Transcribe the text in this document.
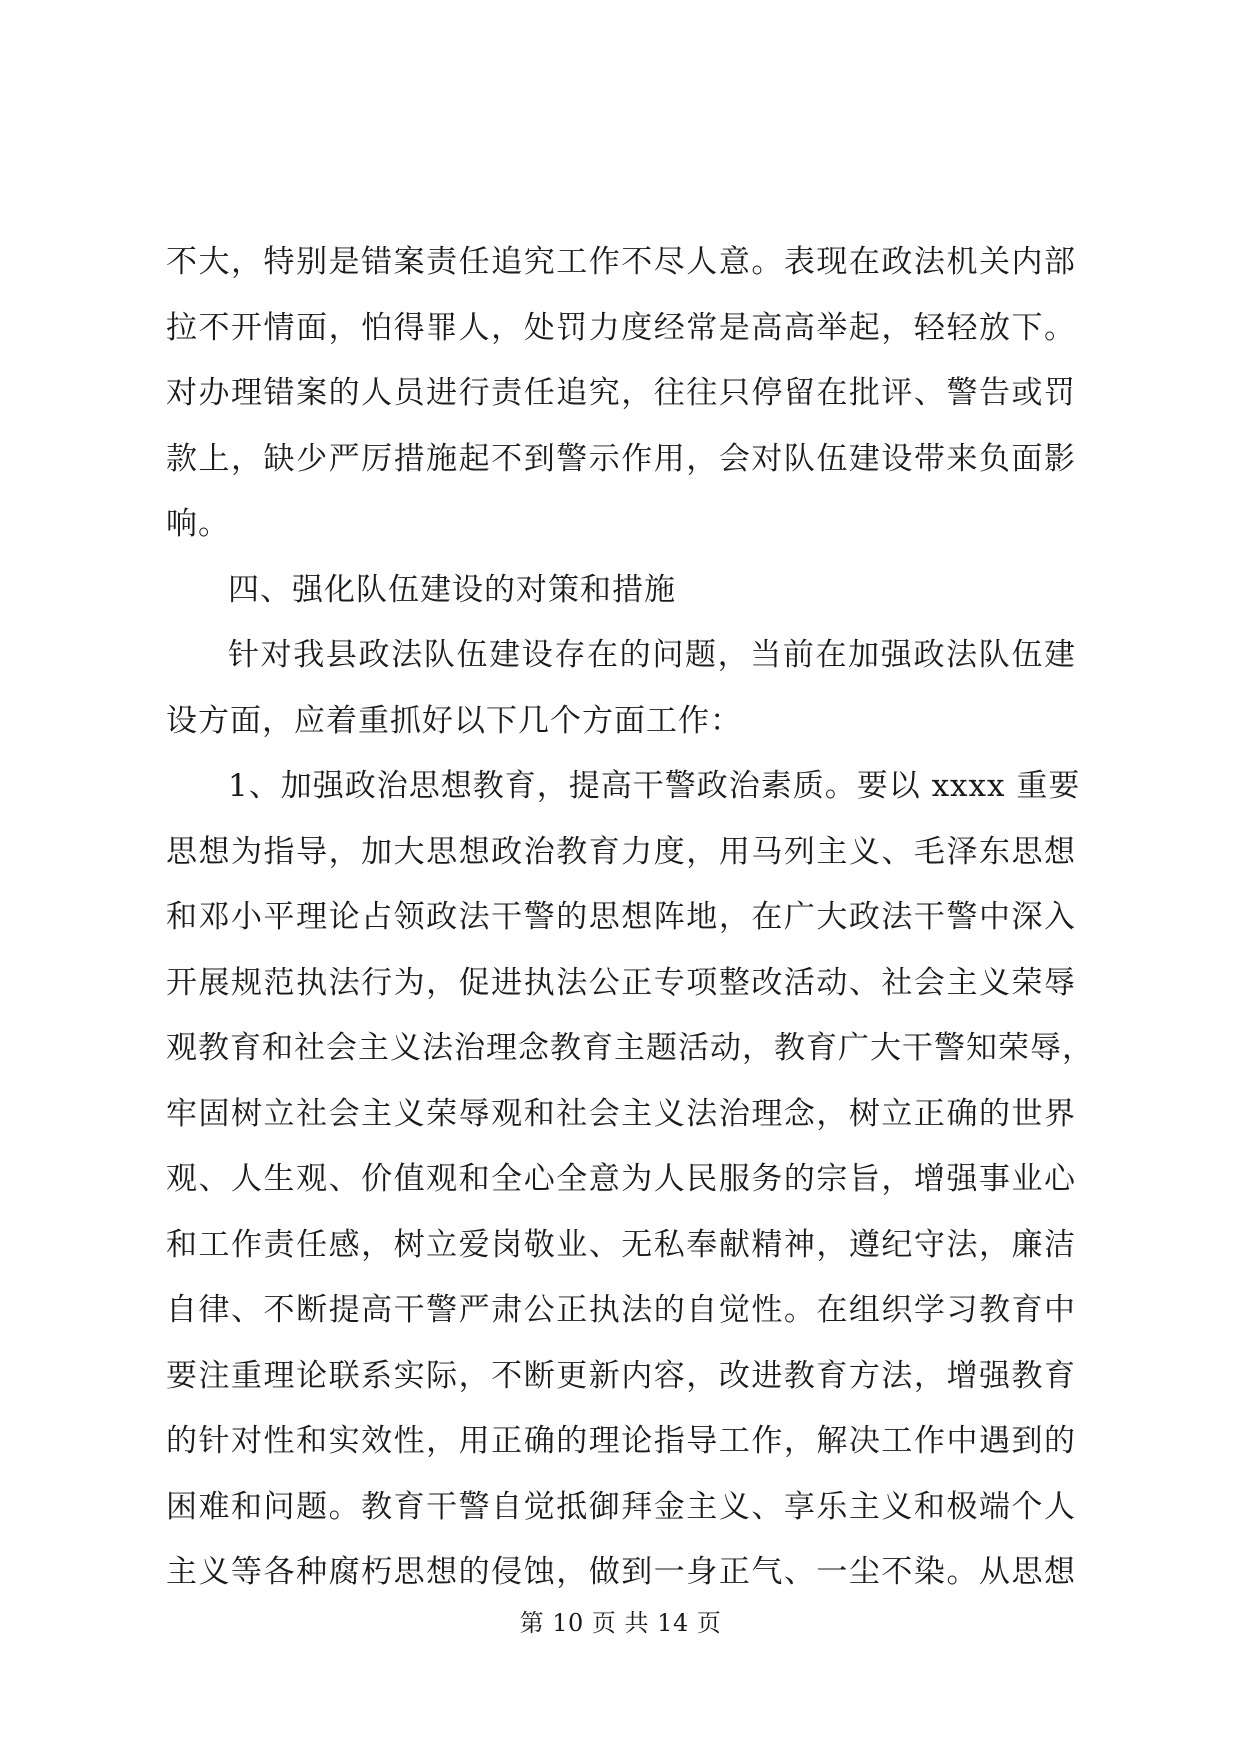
不大，特别是错案责任追究工作不尽人意。表现在政法机关内部
拉不开情面，怕得罪人，处罚力度经常是高高举起，轻轻放下。
对办理错案的人员进行责任追究，往往只停留在批评、警告或罚
款上，缺少严厉措施起不到警示作用，会对队伍建设带来负面影
响。
四、强化队伍建设的对策和措施
针对我县政法队伍建设存在的问题，当前在加强政法队伍建
设方面，应着重抓好以下几个方面工作：
1、加强政治思想教育，提高干警政治素质。要以 xxxx 重要
思想为指导，加大思想政治教育力度，用马列主义、毛泽东思想
和邓小平理论占领政法干警的思想阵地，在广大政法干警中深入
开展规范执法行为，促进执法公正专项整改活动、社会主义荣辱
观教育和社会主义法治理念教育主题活动，教育广大干警知荣辱，
牢固树立社会主义荣辱观和社会主义法治理念，树立正确的世界
观、人生观、价值观和全心全意为人民服务的宗旨，增强事业心
和工作责任感，树立爱岗敬业、无私奉献精神，遵纪守法，廉洁
自律、不断提高干警严肃公正执法的自觉性。在组织学习教育中
要注重理论联系实际，不断更新内容，改进教育方法，增强教育
的针对性和实效性，用正确的理论指导工作，解决工作中遇到的
困难和问题。教育干警自觉抵御拜金主义、享乐主义和极端个人
主义等各种腐朽思想的侵蚀，做到一身正气、一尘不染。从思想
第 10 页 共 14 页
